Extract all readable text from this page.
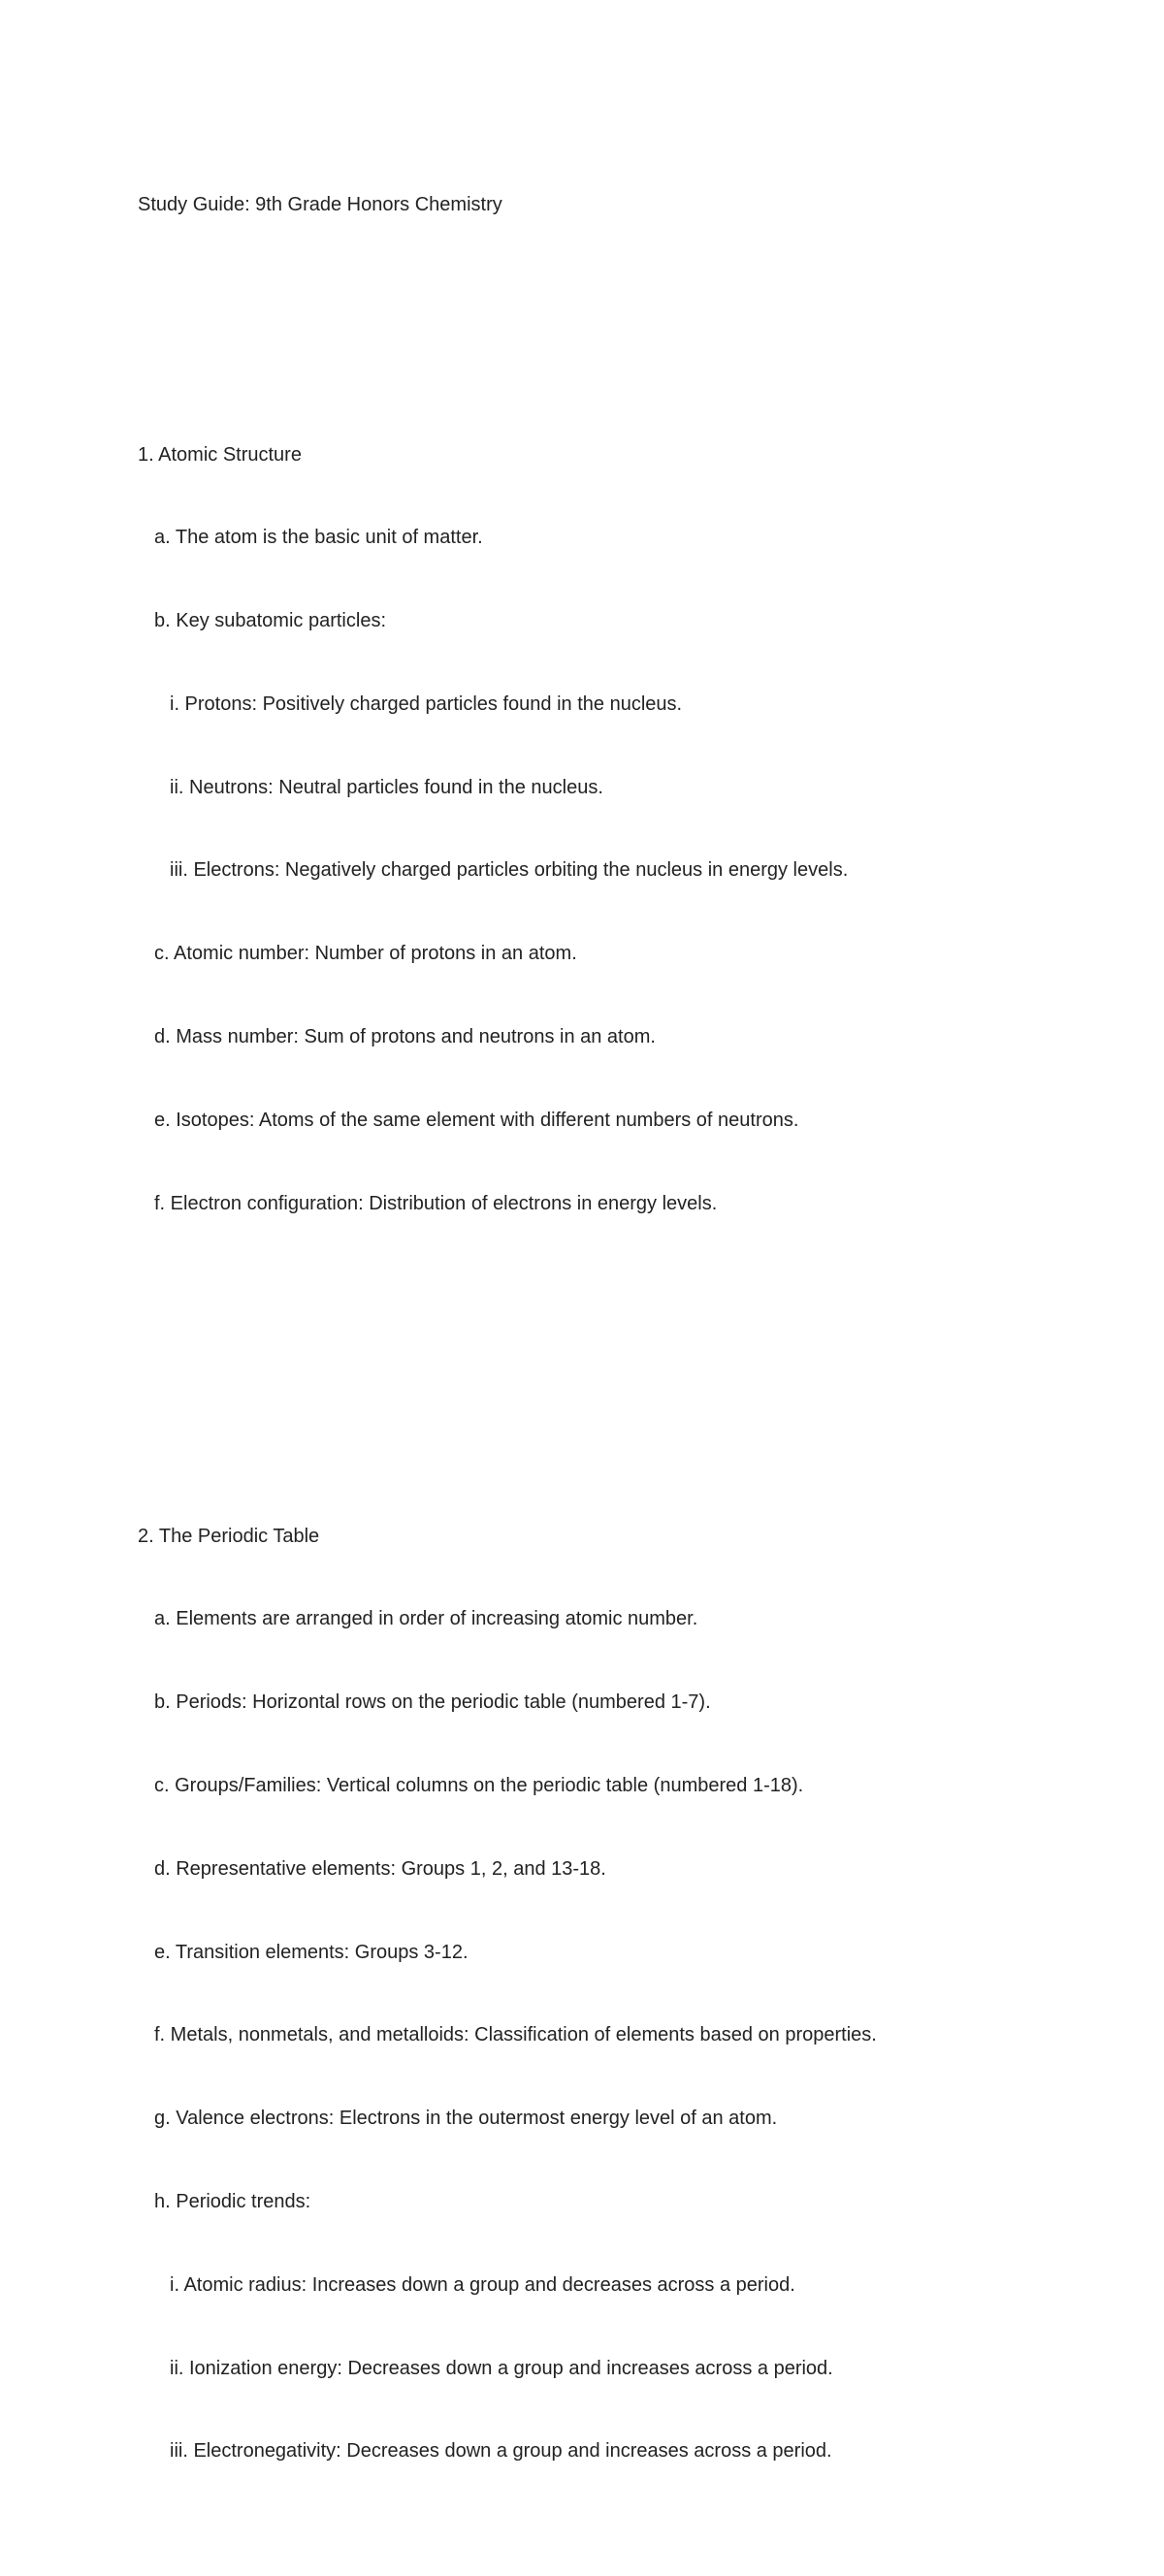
Study Guide: 9th Grade Honors Chemistry

1. Atomic Structure

a. The atom is the basic unit of matter.

b. Key subatomic particles:

i. Protons: Positively charged particles found in the nucleus.

ii. Neutrons: Neutral particles found in the nucleus.

iii. Electrons: Negatively charged particles orbiting the nucleus in energy levels.

c. Atomic number: Number of protons in an atom.

d. Mass number: Sum of protons and neutrons in an atom.

e. Isotopes: Atoms of the same element with different numbers of neutrons.

f. Electron configuration: Distribution of electrons in energy levels.

2. The Periodic Table

a. Elements are arranged in order of increasing atomic number.

b. Periods: Horizontal rows on the periodic table (numbered 1-7).

c. Groups/Families: Vertical columns on the periodic table (numbered 1-18).

d. Representative elements: Groups 1, 2, and 13-18.

e. Transition elements: Groups 3-12.

f. Metals, nonmetals, and metalloids: Classification of elements based on properties.

g. Valence electrons: Electrons in the outermost energy level of an atom.

h. Periodic trends:

i. Atomic radius: Increases down a group and decreases across a period.

ii. Ionization energy: Decreases down a group and increases across a period.

iii. Electronegativity: Decreases down a group and increases across a period.
